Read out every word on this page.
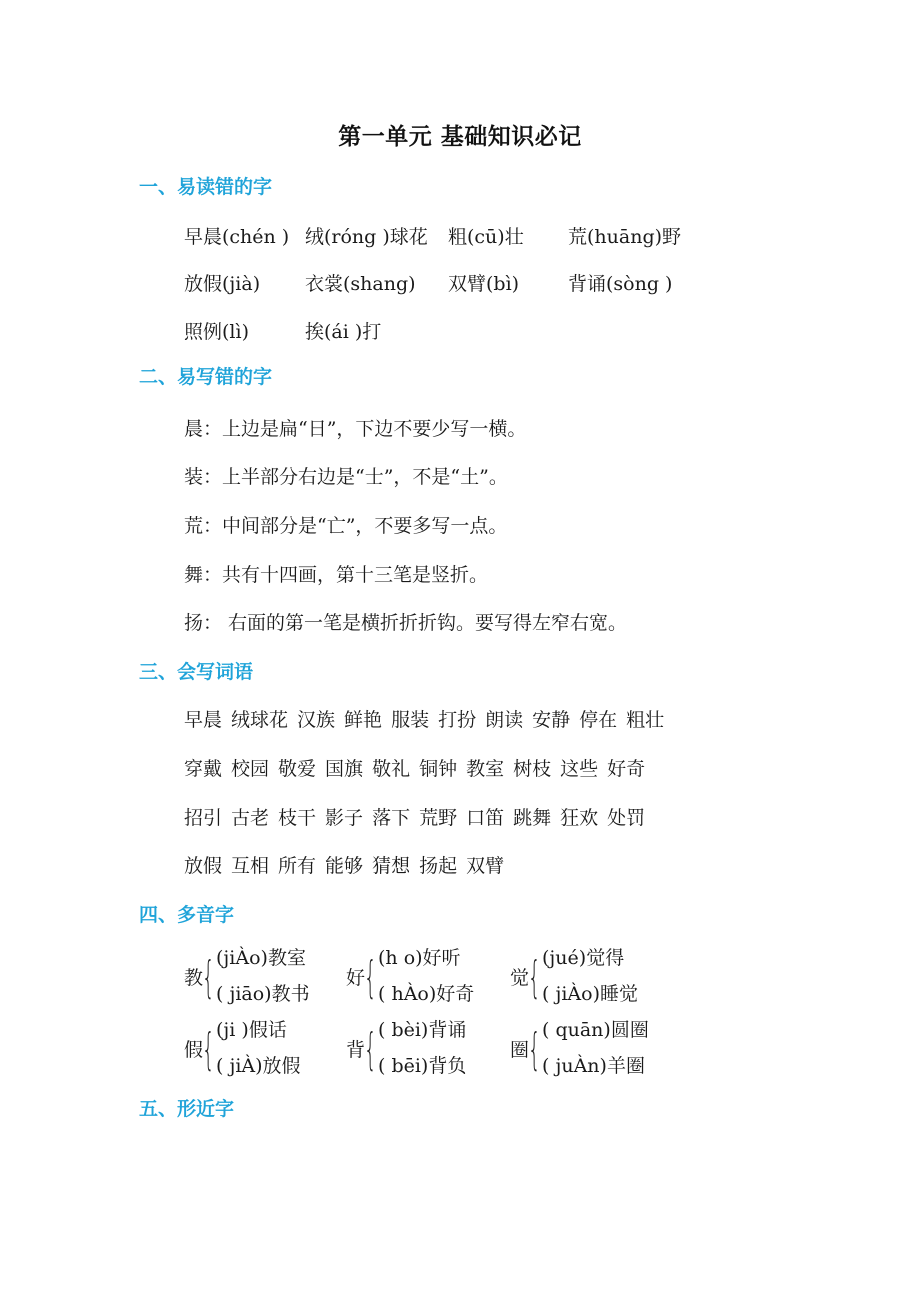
第一单元 基础知识必记
一、易读错的字
早晨(chén ) 绒(róng )球花 粗(cū)壮 荒(huāng)野
放假(jià) 衣裳(shang) 双臂(bì)	背诵(sòng )
照例(lì)	挨(ái )打
二、易写错的字
晨：上边是扁“日”，下边不要少写一横。
装：上半部分右边是“士”，不是“土”。
荒：中间部分是“亡”，不要多写一点。
舞：共有十四画，第十三笔是竖折。
扬： 右面的第一笔是横折折折钩。要写得左窄右宽。
三、会写词语
早晨 绒球花 汉族 鲜艳 服装 打扮 朗读 安静 停在 粗壮
穿戴 校园 敬爱 国旗 敬礼 铜钟 教室 树枝 这些 好奇
招引 古老 枝干 影子 落下 荒野 口笛 跳舞 狂欢 处罚
放假 互相 所有 能够 猜想 扬起 双臂
四、多音字
教
{ (jiÀo)教室
( jiāo)教书
好
{ (h o)好听
( hÀo)好奇
觉
{ (jué)觉得
( jiÀo)睡觉
假
{ (ji )假话
( jiÀ)放假
背
{ ( bèi)背诵
( bēi)背负
圈
{ ( quān)圆圈
( juÀn)羊圈
五、形近字
